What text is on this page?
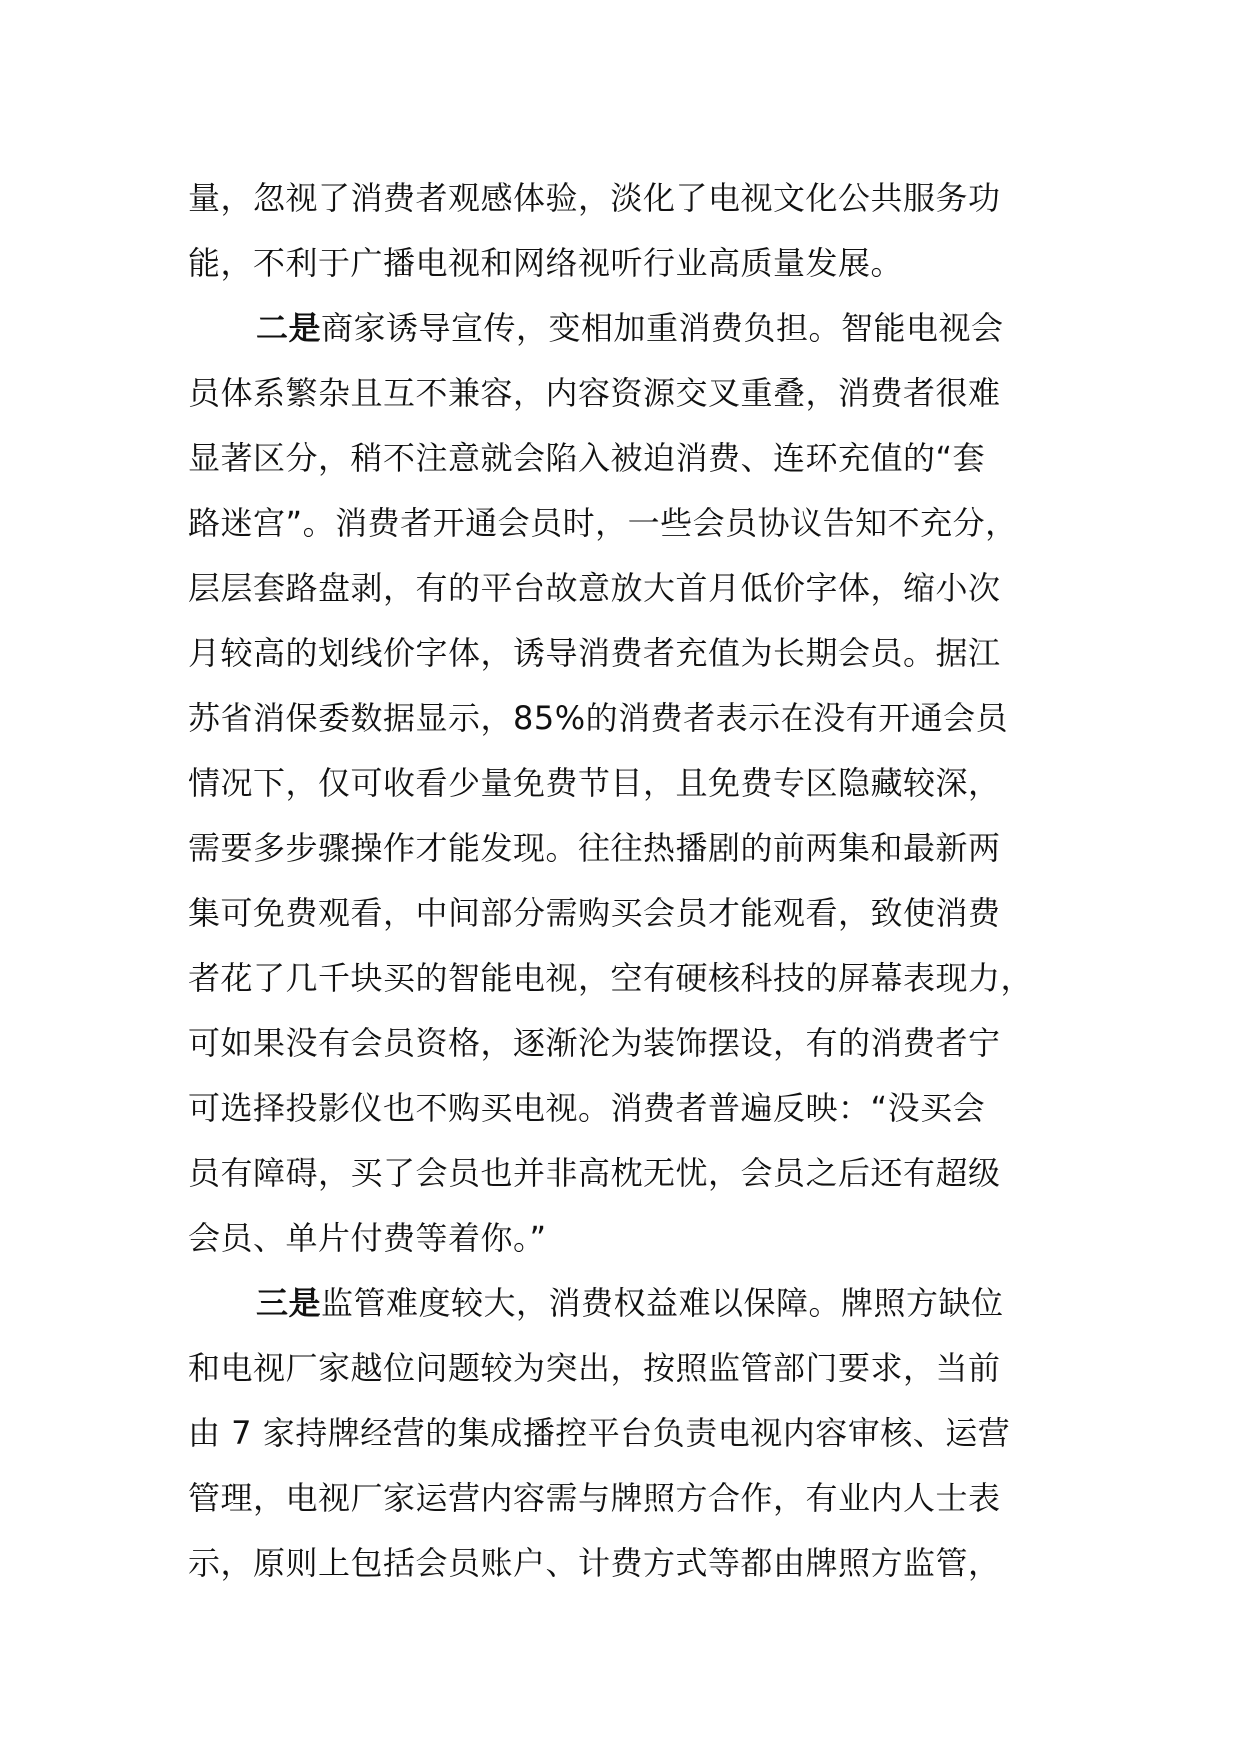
量，忽视了消费者观感体验，淡化了电视文化公共服务功
能，不利于广播电视和网络视听行业高质量发展。

二是商家诱导宣传，变相加重消费负担。智能电视会
员体系繁杂且互不兼容，内容资源交叉重叠，消费者很难
显著区分，稍不注意就会陷入被迫消费、连环充值的“套
路迷宫”。消费者开通会员时，一些会员协议告知不充分，
层层套路盘剥，有的平台故意放大首月低价字体，缩小次
月较高的划线价字体，诱导消费者充值为长期会员。据江
苏省消保委数据显示，85%的消费者表示在没有开通会员
情况下，仅可收看少量免费节目，且免费专区隐藏较深，
需要多步骤操作才能发现。往往热播剧的前两集和最新两
集可免费观看，中间部分需购买会员才能观看，致使消费
者花了几千块买的智能电视，空有硬核科技的屏幕表现力，
可如果没有会员资格，逐渐沦为装饰摆设，有的消费者宁
可选择投影仪也不购买电视。消费者普遍反映：“没买会
员有障碍，买了会员也并非高枕无忧，会员之后还有超级
会员、单片付费等着你。”

三是监管难度较大，消费权益难以保障。牌照方缺位
和电视厂家越位问题较为突出，按照监管部门要求，当前
由 7 家持牌经营的集成播控平台负责电视内容审核、运营
管理，电视厂家运营内容需与牌照方合作，有业内人士表
示，原则上包括会员账户、计费方式等都由牌照方监管，
